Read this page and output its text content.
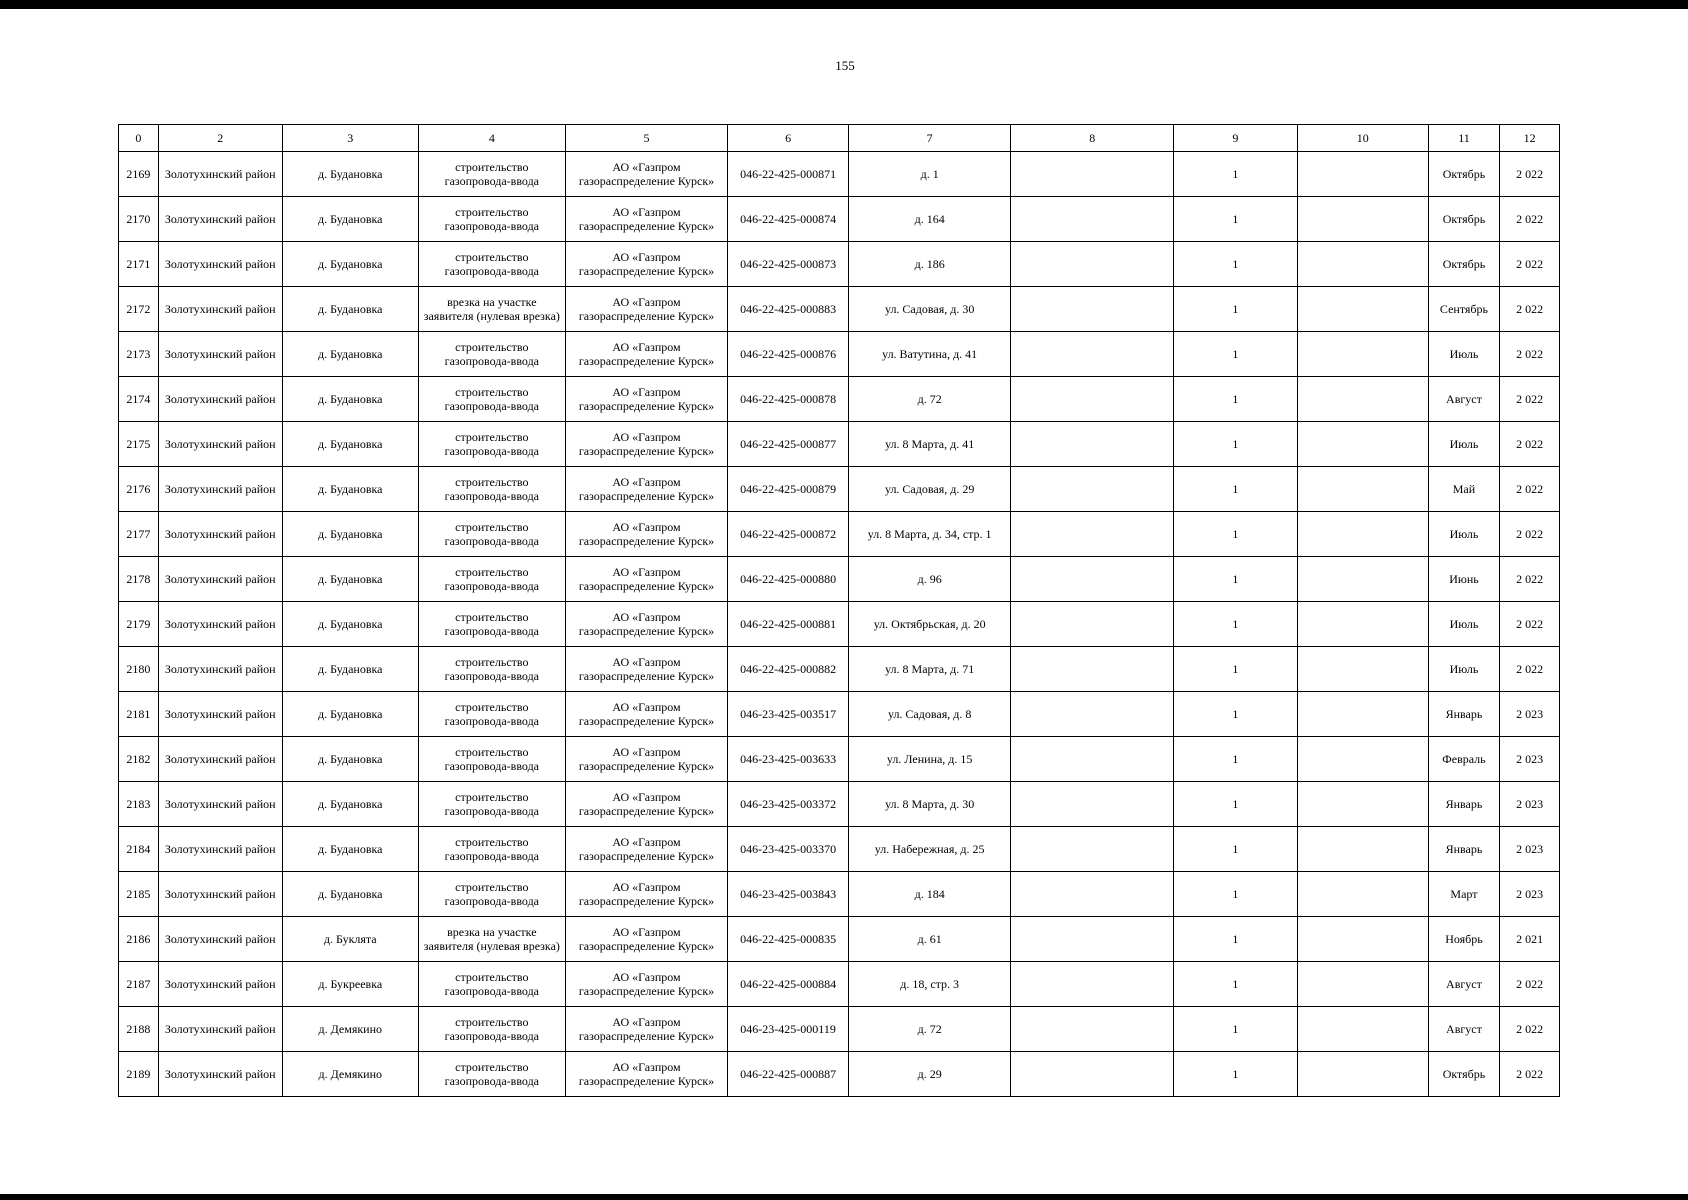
155
0	2	3	4	5	6	7	8	9	10	11	12
2169	Золотухинский район	д. Будановка	строительство газопровода-ввода	АО «Газпром газораспределение Курск»	046-22-425-000871	д. 1		1		Октябрь	2 022
2170	Золотухинский район	д. Будановка	строительство газопровода-ввода	АО «Газпром газораспределение Курск»	046-22-425-000874	д. 164		1		Октябрь	2 022
2171	Золотухинский район	д. Будановка	строительство газопровода-ввода	АО «Газпром газораспределение Курск»	046-22-425-000873	д. 186		1		Октябрь	2 022
2172	Золотухинский район	д. Будановка	врезка на участке заявителя (нулевая врезка)	АО «Газпром газораспределение Курск»	046-22-425-000883	ул. Садовая, д. 30		1		Сентябрь	2 022
2173	Золотухинский район	д. Будановка	строительство газопровода-ввода	АО «Газпром газораспределение Курск»	046-22-425-000876	ул. Ватутина, д. 41		1		Июль	2 022
2174	Золотухинский район	д. Будановка	строительство газопровода-ввода	АО «Газпром газораспределение Курск»	046-22-425-000878	д. 72		1		Август	2 022
2175	Золотухинский район	д. Будановка	строительство газопровода-ввода	АО «Газпром газораспределение Курск»	046-22-425-000877	ул. 8 Марта, д. 41		1		Июль	2 022
2176	Золотухинский район	д. Будановка	строительство газопровода-ввода	АО «Газпром газораспределение Курск»	046-22-425-000879	ул. Садовая, д. 29		1		Май	2 022
2177	Золотухинский район	д. Будановка	строительство газопровода-ввода	АО «Газпром газораспределение Курск»	046-22-425-000872	ул. 8 Марта, д. 34, стр. 1		1		Июль	2 022
2178	Золотухинский район	д. Будановка	строительство газопровода-ввода	АО «Газпром газораспределение Курск»	046-22-425-000880	д. 96		1		Июнь	2 022
2179	Золотухинский район	д. Будановка	строительство газопровода-ввода	АО «Газпром газораспределение Курск»	046-22-425-000881	ул. Октябрьская, д. 20		1		Июль	2 022
2180	Золотухинский район	д. Будановка	строительство газопровода-ввода	АО «Газпром газораспределение Курск»	046-22-425-000882	ул. 8 Марта, д. 71		1		Июль	2 022
2181	Золотухинский район	д. Будановка	строительство газопровода-ввода	АО «Газпром газораспределение Курск»	046-23-425-003517	ул. Садовая, д. 8		1		Январь	2 023
2182	Золотухинский район	д. Будановка	строительство газопровода-ввода	АО «Газпром газораспределение Курск»	046-23-425-003633	ул. Ленина, д. 15		1		Февраль	2 023
2183	Золотухинский район	д. Будановка	строительство газопровода-ввода	АО «Газпром газораспределение Курск»	046-23-425-003372	ул. 8 Марта, д. 30		1		Январь	2 023
2184	Золотухинский район	д. Будановка	строительство газопровода-ввода	АО «Газпром газораспределение Курск»	046-23-425-003370	ул. Набережная, д. 25		1		Январь	2 023
2185	Золотухинский район	д. Будановка	строительство газопровода-ввода	АО «Газпром газораспределение Курск»	046-23-425-003843	д. 184		1		Март	2 023
2186	Золотухинский район	д. Буклята	врезка на участке заявителя (нулевая врезка)	АО «Газпром газораспределение Курск»	046-22-425-000835	д. 61		1		Ноябрь	2 021
2187	Золотухинский район	д. Букреевка	строительство газопровода-ввода	АО «Газпром газораспределение Курск»	046-22-425-000884	д. 18, стр. 3		1		Август	2 022
2188	Золотухинский район	д. Демякино	строительство газопровода-ввода	АО «Газпром газораспределение Курск»	046-23-425-000119	д. 72		1		Август	2 022
2189	Золотухинский район	д. Демякино	строительство газопровода-ввода	АО «Газпром газораспределение Курск»	046-22-425-000887	д. 29		1		Октябрь	2 022
